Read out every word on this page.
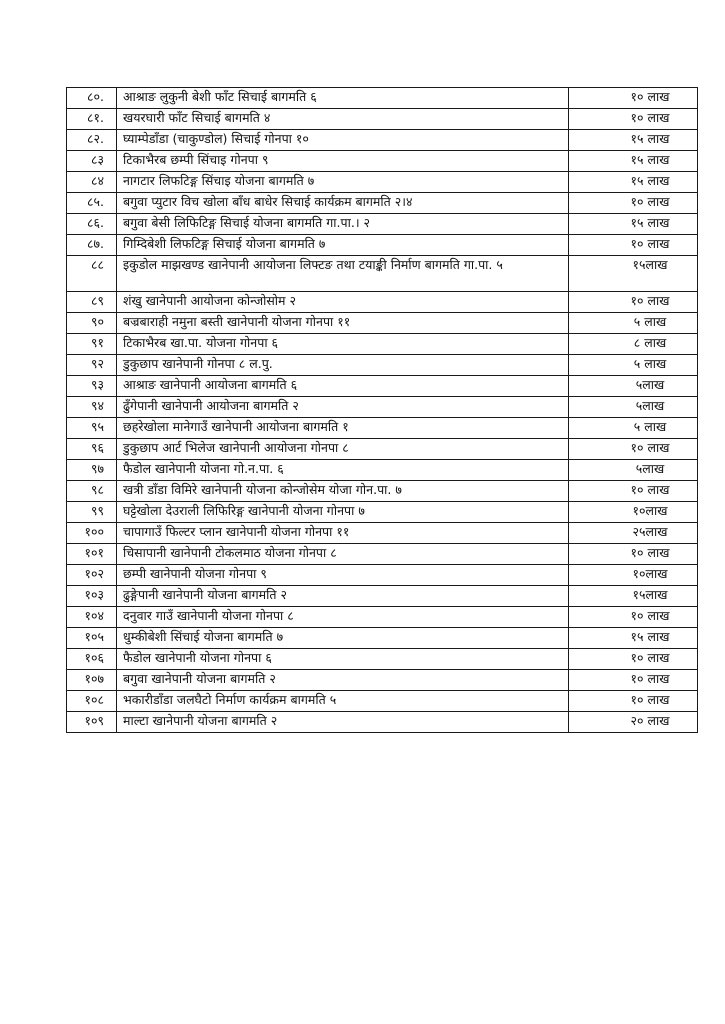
८०.	आश्राङ लुकुनी बेशी फाँट सिचाई बागमति ६	१० लाख
८१.	खयरघारी फाँट सिचाई बागमति ४	१० लाख
८२.	घ्याम्पेडाँडा (चाकुण्डोल) सिचाई गोनपा १०	१५ लाख
८३	टिकाभैरब छम्पी सिंचाइ गोनपा ९	१५ लाख
८४	नागटार लिफटिङ्ग सिंचाइ योजना बागमति ७	१५ लाख
८५.	बगुवा प्युटार विच खोला बाँध बाधेर सिचाई कार्यक्रम बागमति २।४	१० लाख
८६.	बगुवा बेसी लिफिटिङ्ग सिचाई योजना बागमति गा.पा.। २	१५ लाख
८७.	गिम्दिबेशी लिफटिङ्ग सिचाई योजना बागमति ७	१० लाख
८८	इकुडोल माझखण्ड खानेपानी आयोजना लिफ्टङ तथा टयाङ्की निर्माण बागमति गा.पा. ५	१५लाख
८९	शंखु खानेपानी आयोजना कोन्जोसोम २	१० लाख
९०	बज्रबाराही नमुना बस्ती खानेपानी योजना गोनपा ११	५ लाख
९१	टिकाभैरब खा.पा. योजना गोनपा ६	८ लाख
९२	डुकुछाप खानेपानी गोनपा ८ ल.पु.	५ लाख
९३	आश्राङ खानेपानी आयोजना बागमति ६	५लाख
९४	ढुँगेपानी खानेपानी आयोजना बागमति २	५लाख
९५	छहरेखोला मानेगाउँ खानेपानी आयोजना बागमति १	५ लाख
९६	डुकुछाप आर्ट भिलेज खानेपानी आयोजना गोनपा ८	१० लाख
९७	फैडोल खानेपानी योजना गो.न.पा. ६	५लाख
९८	खत्री डाँडा विमिरे खानेपानी योजना कोन्जोसेम योजा गोन.पा. ७	१० लाख
९९	घट्टेखोला देउराली लिफिरिङ्ग खानेपानी योजना गोनपा ७	१०लाख
१००	चापागाउँ फिल्टर प्लान खानेपानी योजना गोनपा ११	२५लाख
१०१	चिसापानी खानेपानी टोकलमाठ योजना गोनपा ८	१० लाख
१०२	छम्पी खानेपानी योजना गोनपा ९	१०लाख
१०३	ढुङ्गेपानी खानेपानी योजना बागमति २	१५लाख
१०४	दनुवार गाउँ खानेपानी योजना गोनपा ८	१० लाख
१०५	धुम्कीबेशी सिंचाई योजना बागमति ७	१५ लाख
१०६	फैडोल खानेपानी योजना गोनपा ६	१० लाख
१०७	बगुवा खानेपानी योजना बागमति २	१० लाख
१०८	भकारीडाँडा जलघैटो निर्माण कार्यक्रम बागमति ५	१० लाख
१०९	माल्टा खानेपानी योजना बागमति २	२० लाख
